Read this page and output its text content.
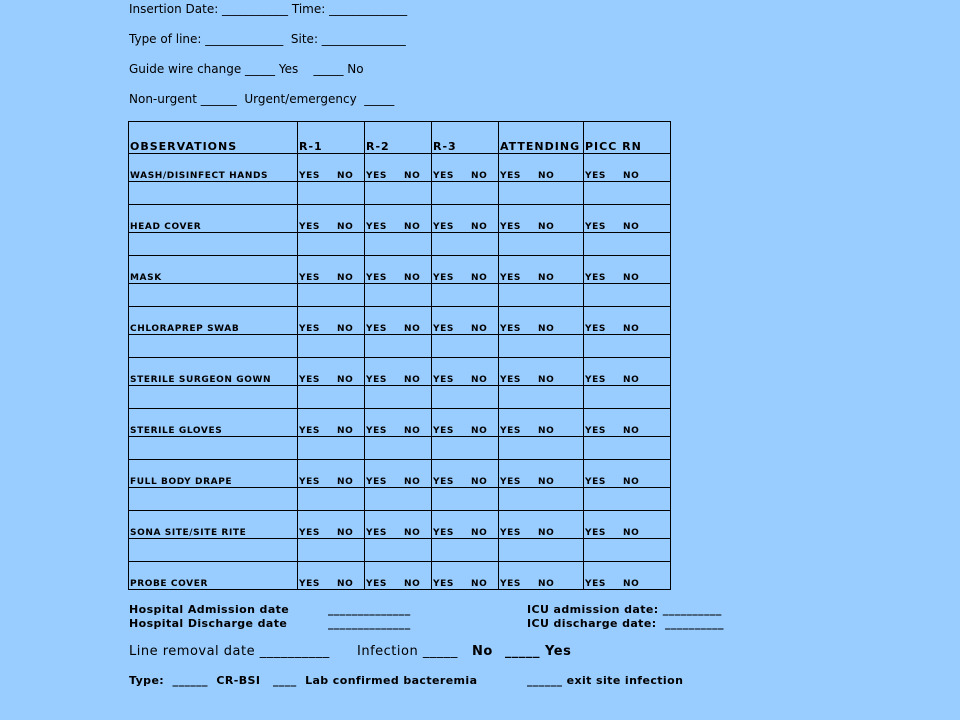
Insertion Date: ___________ Time: _____________
Type of line: _____________  Site: ______________
Guide wire change _____ Yes    _____ No
Non-urgent ______  Urgent/emergency  _____
OBSERVATIONS	R-1	R-2	R-3	ATTENDING	PICC RN
WASH/DISINFECT HANDS	YES NO	YES NO	YES NO	YES NO	YES NO

HEAD COVER	YES NO	YES NO	YES NO	YES NO	YES NO

MASK	YES NO	YES NO	YES NO	YES NO	YES NO

CHLORAPREP SWAB	YES NO	YES NO	YES NO	YES NO	YES NO

STERILE SURGEON GOWN	YES NO	YES NO	YES NO	YES NO	YES NO

STERILE GLOVES	YES NO	YES NO	YES NO	YES NO	YES NO

FULL BODY DRAPE	YES NO	YES NO	YES NO	YES NO	YES NO

SONA SITE/SITE RITE	YES NO	YES NO	YES NO	YES NO	YES NO

PROBE COVER	YES NO	YES NO	YES NO	YES NO	YES NO
Hospital Admission date	______________	ICU admission date: __________
Hospital Discharge date	______________	ICU discharge date:  __________
Line removal date __________ Infection _____ No _____ Yes
Type:  ______  CR-BSI   ____  Lab confirmed bacteremia	______ exit site infection
